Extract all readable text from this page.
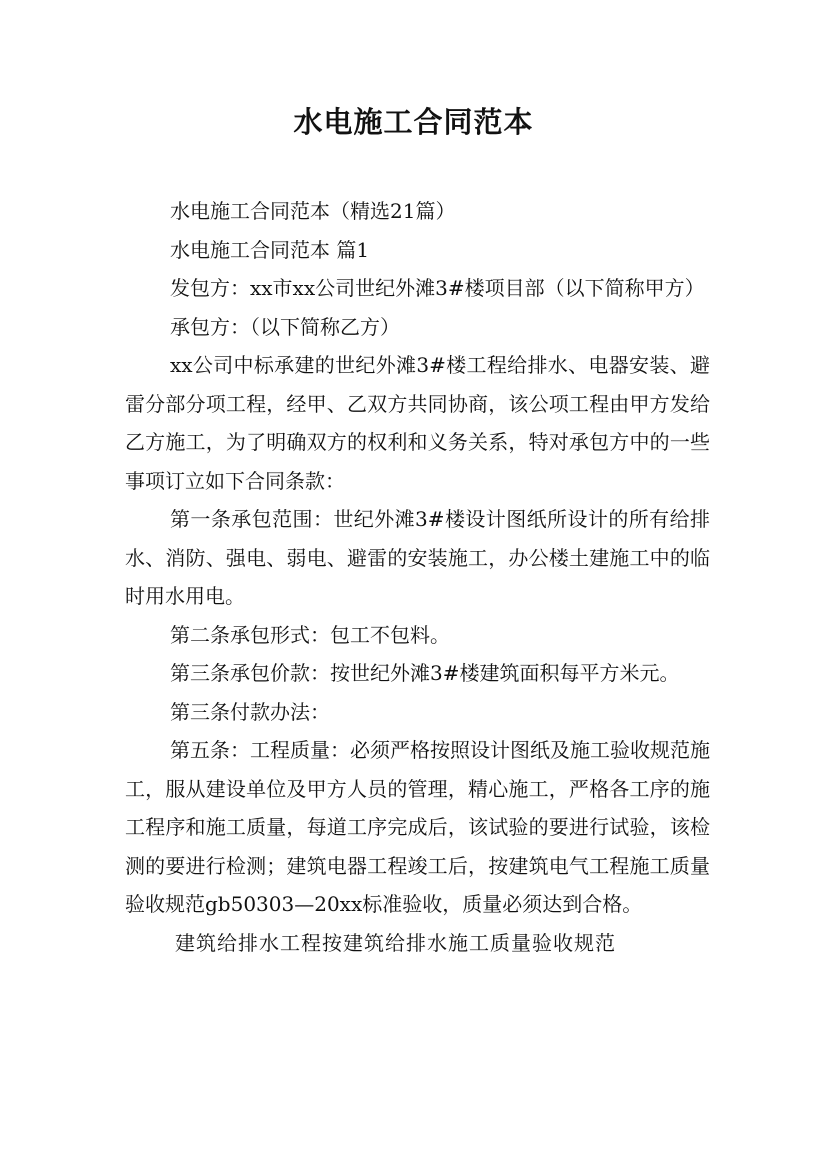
水电施工合同范本

水电施工合同范本（精选21篇）

水电施工合同范本 篇1

发包方：xx市xx公司世纪外滩3#楼项目部（以下简称甲方）

承包方：（以下简称乙方）

xx公司中标承建的世纪外滩3#楼工程给排水、电器安装、避雷分部分项工程，经甲、乙双方共同协商，该公项工程由甲方发给乙方施工，为了明确双方的权利和义务关系，特对承包方中的一些事项订立如下合同条款：

第一条承包范围：世纪外滩3#楼设计图纸所设计的所有给排水、消防、强电、弱电、避雷的安装施工，办公楼土建施工中的临时用水用电。

第二条承包形式：包工不包料。

第三条承包价款：按世纪外滩3#楼建筑面积每平方米元。

第三条付款办法：

第五条：工程质量：必须严格按照设计图纸及施工验收规范施工，服从建设单位及甲方人员的管理，精心施工，严格各工序的施工程序和施工质量，每道工序完成后，该试验的要进行试验，该检测的要进行检测；建筑电器工程竣工后，按建筑电气工程施工质量验收规范gb50303—20xx标准验收，质量必须达到合格。

建筑给排水工程按建筑给排水施工质量验收规范
